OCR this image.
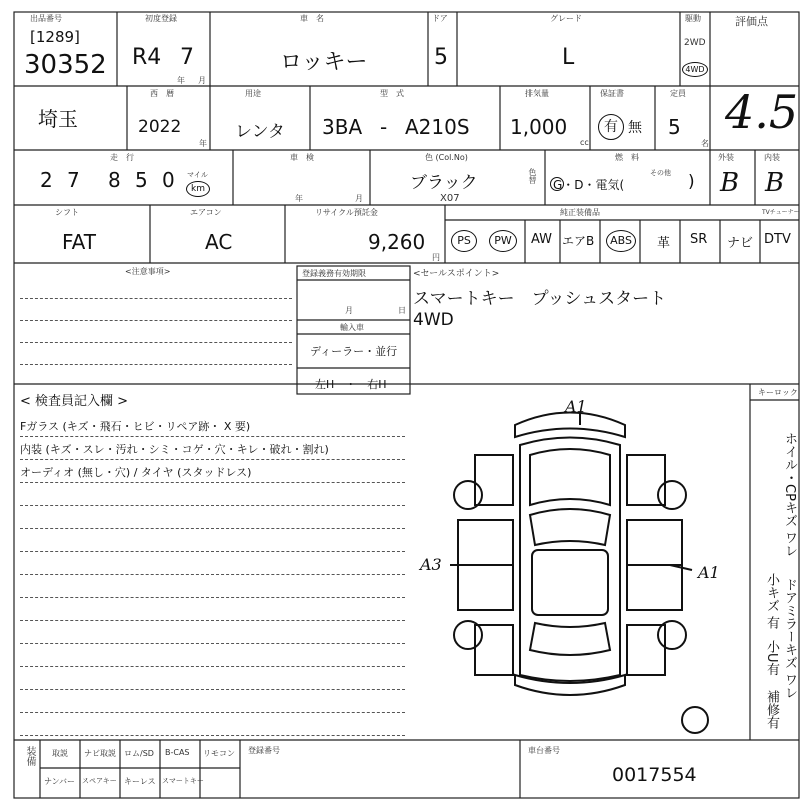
出品番号
[1289]
30352
初度登録
R4 7
年 月
車　名
ロッキー
ドア
5
グレード
L
駆動
2WD
4WD
評価点
4.5
埼玉
西　暦
2022
年
用途
レンタ
型　式
3BA - A210S
排気量
1,000
cc
保証書
有 無
定員
5
名
走　行
2 7 8 5 0 マイル
km
車　検
年	月
色 (Col.No)
ブラック
X07
色替
燃　料
G・D・電気(
その他 )
外装
B
内装
B
シフト
FAT
エアコン
AC
リサイクル預託金
9,260
円
純正装備品	TVチューナー
PS	PW	AW エアB	ABS	革 SR ナビ DTV
<注意事項>	登録義務有効期限
月	日
輸入車
ディーラー・並行
左H　・　右H
<セールスポイント>
スマートキー　プッシュスタート
4WD
< 検査員記入欄 >
Fガラス (キズ・飛石・ヒビ・リペア跡・ X 要)
内装 (キズ・スレ・汚れ・シミ・コゲ・穴・キレ・破れ・割れ)
オーディオ (無し・穴) / タイヤ (スタッドレス)
キーロック
ホイル・CPキズ ワレ
ドアミラーキズ ワレ
小キズ 有
小U有
補修有
A1
A3	A1
装備 取説 ナビ取説 ロム/SD B-CAS リモコン
ナンバー スペアキー キーレス スマートキー
登録番号	車台番号
0017554
